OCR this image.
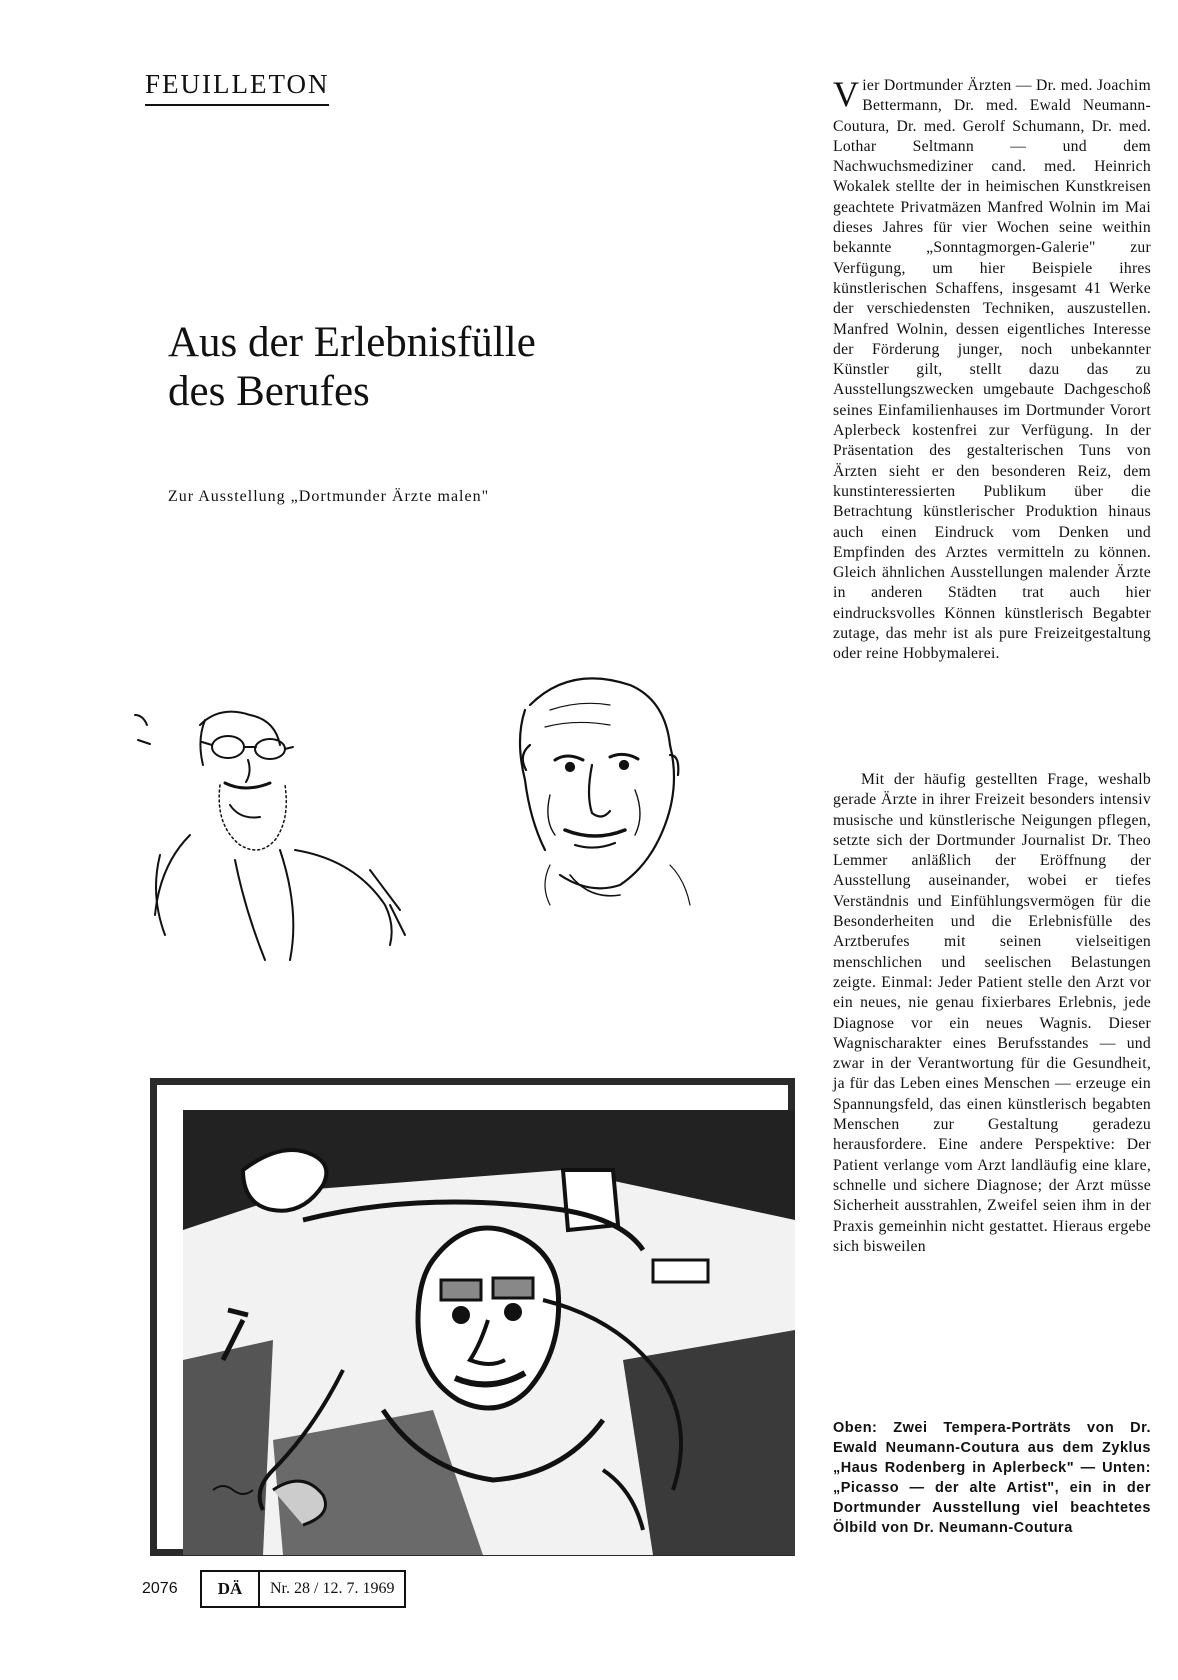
FEUILLETON
Aus der Erlebnisfülle
des Berufes
Zur Ausstellung „Dortmunder Ärzte malen"

Vier Dortmunder Ärzten — Dr. med. Joachim Bettermann, Dr. med. Ewald Neumann-Coutura, Dr. med. Gerolf Schumann, Dr. med. Lothar Seltmann — und dem Nachwuchsmediziner cand. med. Heinrich Wokalek stellte der in heimischen Kunstkreisen geachtete Privatmäzen Manfred Wolnin im Mai dieses Jahres für vier Wochen seine weithin bekannte „Sonntagmorgen-Galerie" zur Verfügung, um hier Beispiele ihres künstlerischen Schaffens, insgesamt 41 Werke der verschiedensten Techniken, auszustellen. Manfred Wolnin, dessen eigentliches Interesse der Förderung junger, noch unbekannter Künstler gilt, stellt dazu das zu Ausstellungszwecken umgebaute Dachgeschoß seines Einfamilienhauses im Dortmunder Vorort Aplerbeck kostenfrei zur Verfügung. In der Präsentation des gestalterischen Tuns von Ärzten sieht er den besonderen Reiz, dem kunstinteressierten Publikum über die Betrachtung künstlerischer Produktion hinaus auch einen Eindruck vom Denken und Empfinden des Arztes vermitteln zu können. Gleich ähnlichen Ausstellungen malender Ärzte in anderen Städten trat auch hier eindrucksvolles Können künstlerisch Begabter zutage, das mehr ist als pure Freizeitgestaltung oder reine Hobbymalerei.

Mit der häufig gestellten Frage, weshalb gerade Ärzte in ihrer Freizeit besonders intensiv musische und künstlerische Neigungen pflegen, setzte sich der Dortmunder Journalist Dr. Theo Lemmer anläßlich der Eröffnung der Ausstellung auseinander, wobei er tiefes Verständnis und Einfühlungsvermögen für die Besonderheiten und die Erlebnisfülle des Arztberufes mit seinen vielseitigen menschlichen und seelischen Belastungen zeigte. Einmal: Jeder Patient stelle den Arzt vor ein neues, nie genau fixierbares Erlebnis, jede Diagnose vor ein neues Wagnis. Dieser Wagnischarakter eines Berufsstandes — und zwar in der Verantwortung für die Gesundheit, ja für das Leben eines Menschen — erzeuge ein Spannungsfeld, das einen künstlerisch begabten Menschen zur Gestaltung geradezu herausfordere. Eine andere Perspektive: Der Patient verlange vom Arzt landläufig eine klare, schnelle und sichere Diagnose; der Arzt müsse Sicherheit ausstrahlen, Zweifel seien ihm in der Praxis gemeinhin nicht gestattet. Hieraus ergebe sich bisweilen

Oben: Zwei Tempera-Porträts von Dr. Ewald Neumann-Coutura aus dem Zyklus „Haus Rodenberg in Aplerbeck" — Unten: „Picasso — der alte Artist", ein in der Dortmunder Ausstellung viel beachtetes Ölbild von Dr. Neumann-Coutura
2076	DÄ	Nr. 28 / 12. 7. 1969
